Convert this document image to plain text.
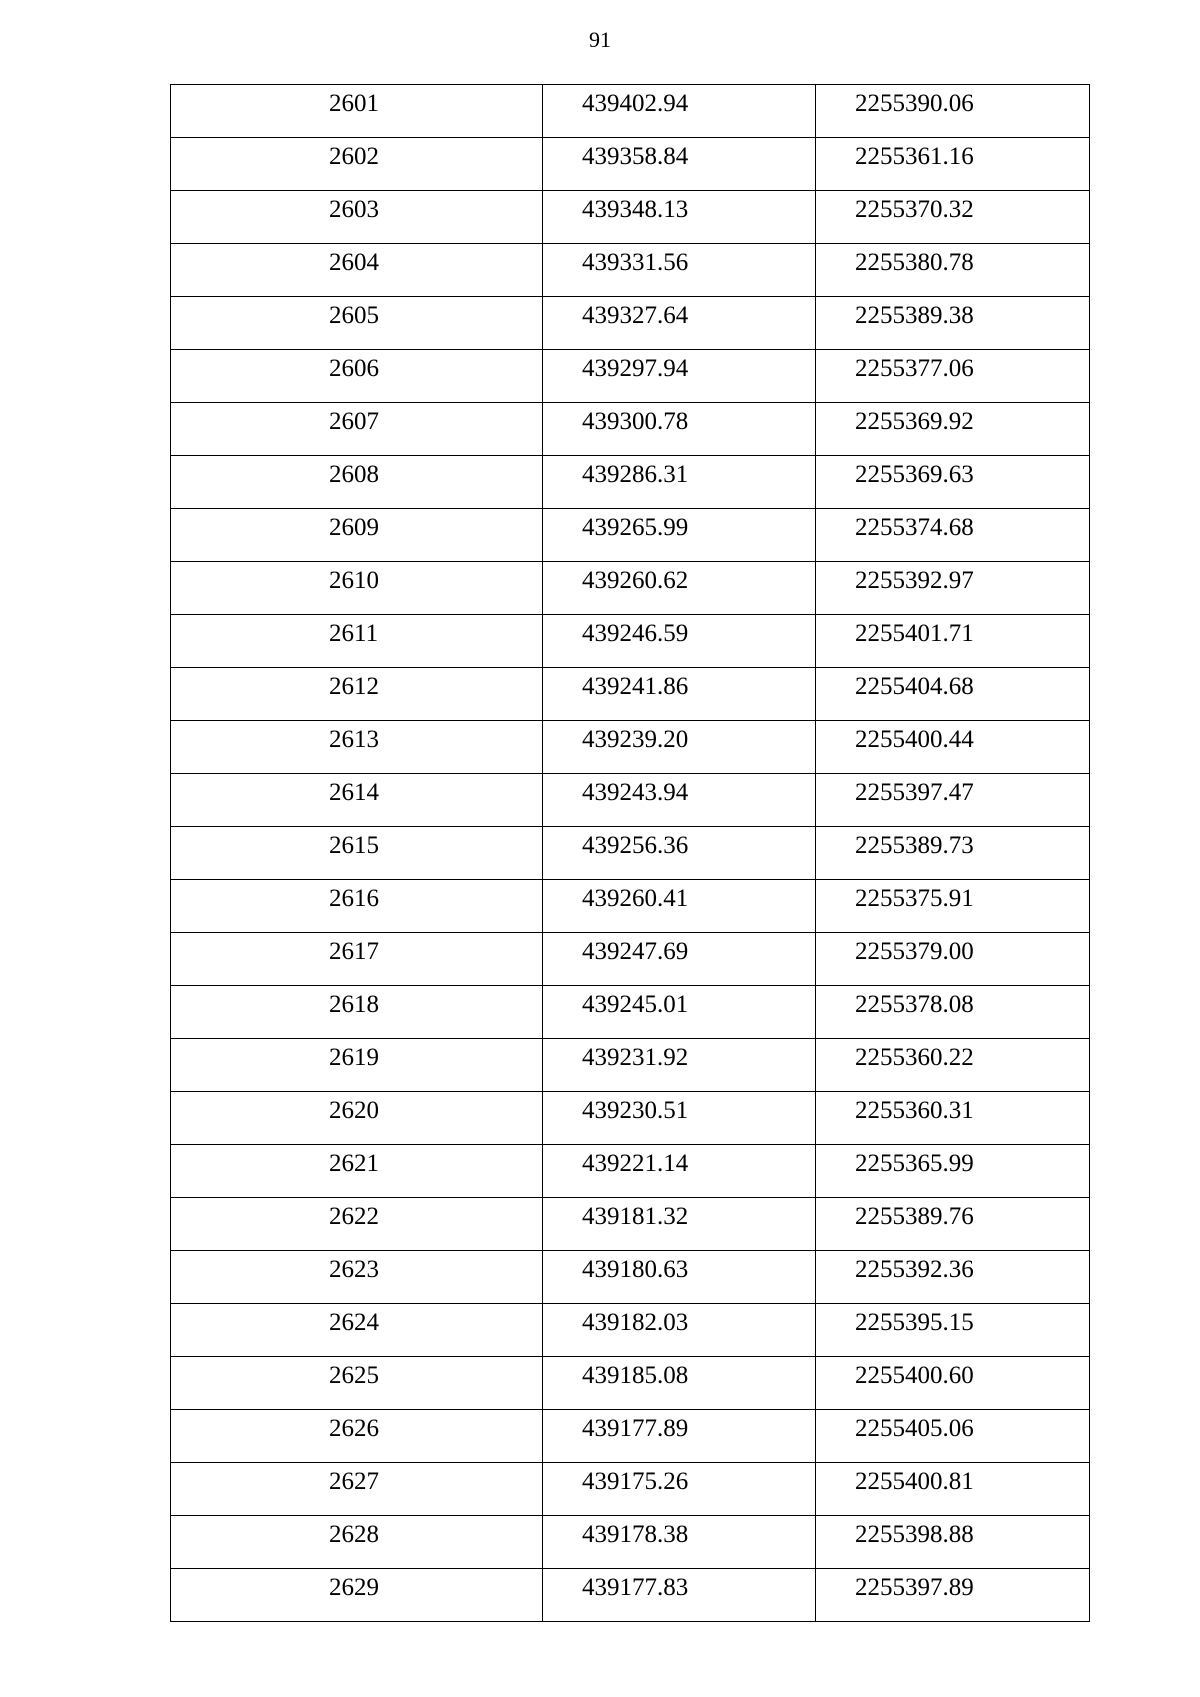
91
2601	439402.94	2255390.06

2602	439358.84	2255361.16

2603	439348.13	2255370.32

2604	439331.56	2255380.78

2605	439327.64	2255389.38

2606	439297.94	2255377.06

2607	439300.78	2255369.92

2608	439286.31	2255369.63

2609	439265.99	2255374.68

2610	439260.62	2255392.97

2611	439246.59	2255401.71

2612	439241.86	2255404.68

2613	439239.20	2255400.44

2614	439243.94	2255397.47

2615	439256.36	2255389.73

2616	439260.41	2255375.91

2617	439247.69	2255379.00

2618	439245.01	2255378.08

2619	439231.92	2255360.22

2620	439230.51	2255360.31

2621	439221.14	2255365.99

2622	439181.32	2255389.76

2623	439180.63	2255392.36

2624	439182.03	2255395.15

2625	439185.08	2255400.60

2626	439177.89	2255405.06

2627	439175.26	2255400.81

2628	439178.38	2255398.88

2629	439177.83	2255397.89
